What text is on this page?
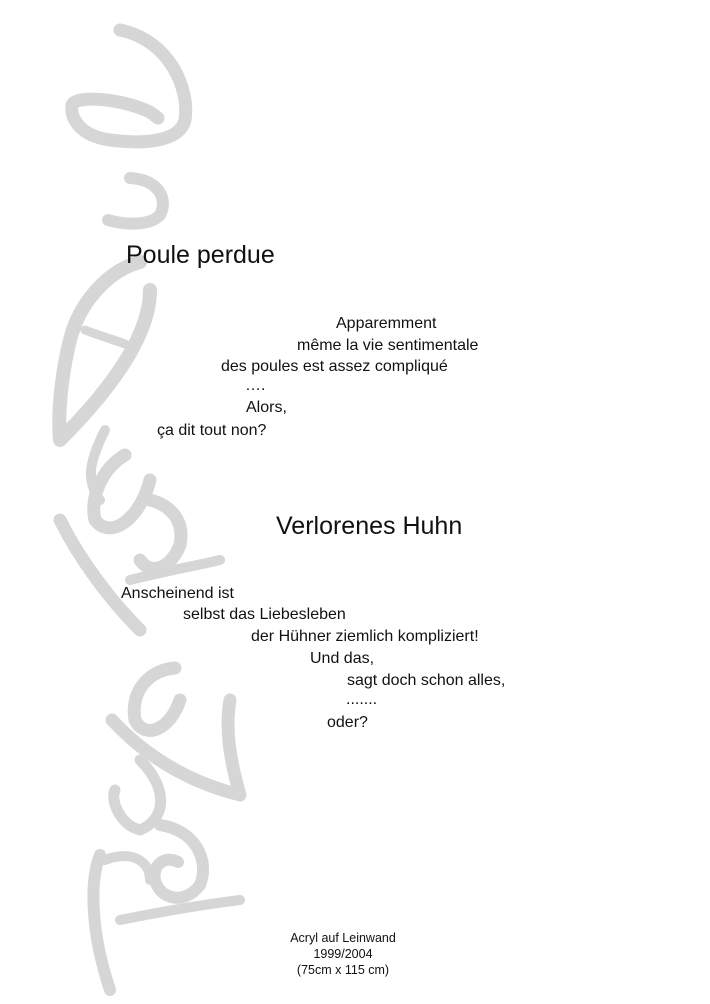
Poule perdue
Apparemment
même la vie sentimentale
des poules est assez compliqué
….
Alors,
ça dit tout non?
Verlorenes Huhn
Anscheinend ist
selbst das Liebesleben
der Hühner ziemlich kompliziert!
Und das,
sagt doch schon alles,
.......
oder?
Acryl auf Leinwand
1999/2004
(75cm x 115 cm)
